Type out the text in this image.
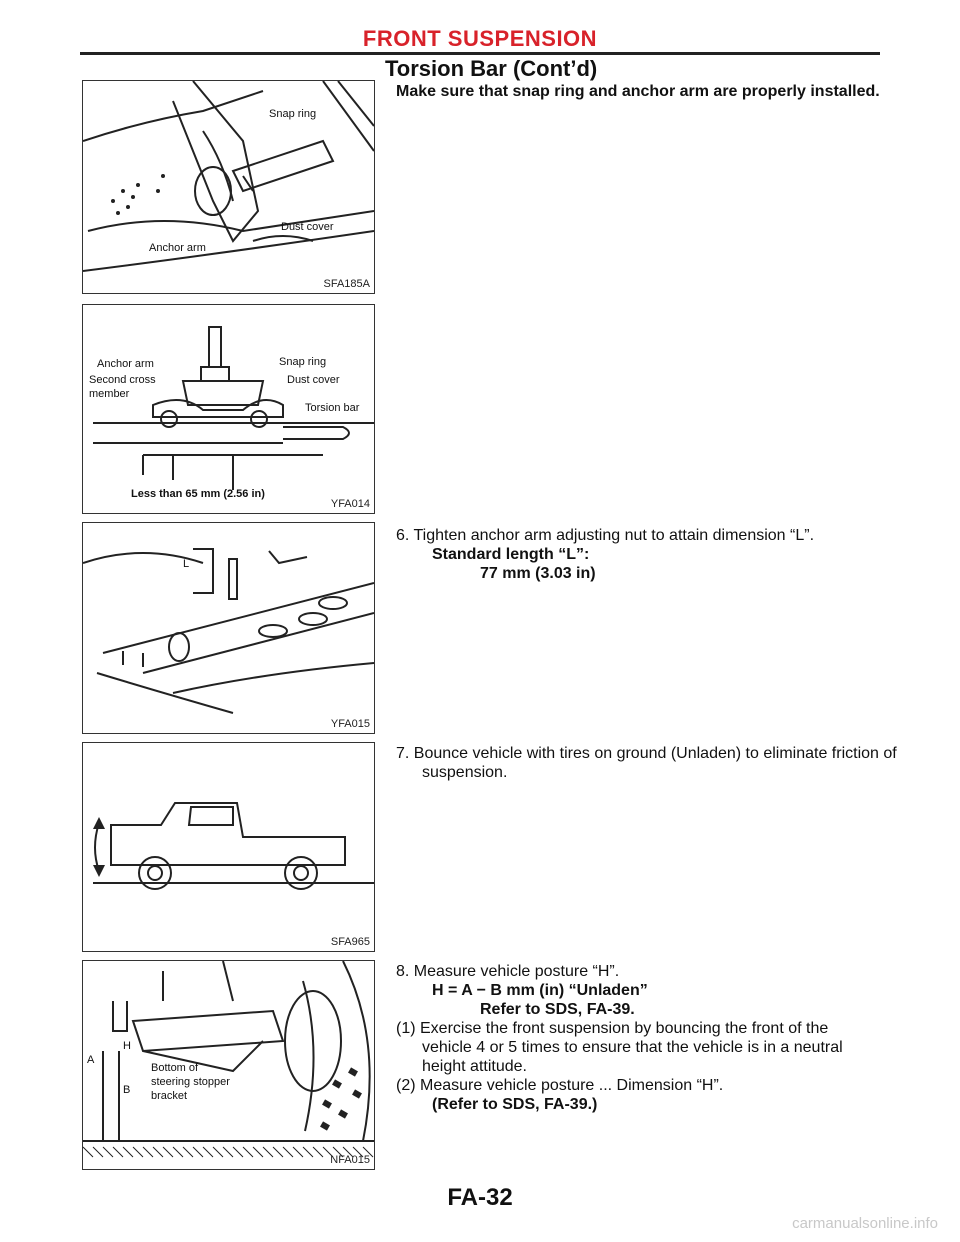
FRONT SUSPENSION
Torsion Bar (Cont’d)
Snap ring
Dust cover
Anchor arm
SFA185A
Anchor arm
Second cross
member
Snap ring
Dust cover
Torsion bar
Less than 65 mm (2.56 in)
YFA014
L
YFA015
SFA965
H
A
B
Bottom of
steering stopper
bracket
NFA015
Make sure that snap ring and anchor arm are properly installed.
6. Tighten anchor arm adjusting nut to attain dimension “L”.
Standard length “L”:
77 mm (3.03 in)
7. Bounce vehicle with tires on ground (Unladen) to eliminate friction of suspension.
8. Measure vehicle posture “H”.
H = A − B mm (in) “Unladen”
Refer to SDS, FA-39.
(1) Exercise the front suspension by bouncing the front of the vehicle 4 or 5 times to ensure that the vehicle is in a neutral height attitude.
(2) Measure vehicle posture ... Dimension “H”.
(Refer to SDS, FA-39.)
FA-32
carmanualsonline.info
